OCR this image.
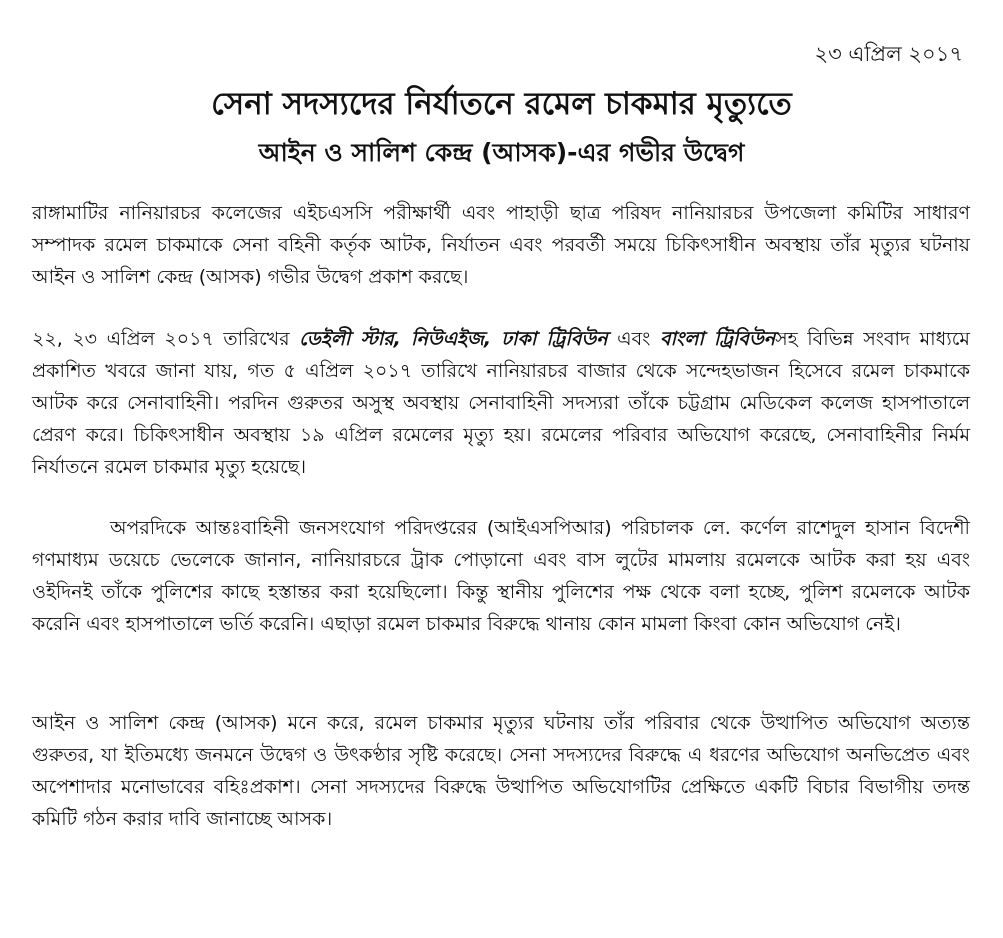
২৩ এপ্রিল ২০১৭
সেনা সদস্যদের নির্যাতনে রমেল চাকমার মৃত্যুতে
আইন ও সালিশ কেন্দ্র (আসক)-এর গভীর উদ্বেগ

রাঙ্গামাটির নানিয়ারচর কলেজের এইচএসসি পরীক্ষার্থী এবং পাহাড়ী ছাত্র পরিষদ নানিয়ারচর উপজেলা কমিটির সাধারণ সম্পাদক রমেল চাকমাকে সেনা বহিনী কর্তৃক আটক, নির্যাতন এবং পরবর্তী সময়ে চিকিৎসাধীন অবস্থায় তাঁর মৃত্যুর ঘটনায় আইন ও সালিশ কেন্দ্র (আসক) গভীর উদ্বেগ প্রকাশ করছে।

২২, ২৩ এপ্রিল ২০১৭ তারিখের ডেইলী স্টার, নিউএইজ, ঢাকা ট্রিবিউন এবং বাংলা ট্রিবিউনসহ বিভিন্ন সংবাদ মাধ্যমে প্রকাশিত খবরে জানা যায়, গত ৫ এপ্রিল ২০১৭ তারিখে নানিয়ারচর বাজার থেকে সন্দেহভাজন হিসেবে রমেল চাকমাকে আটক করে সেনাবাহিনী। পরদিন গুরুতর অসুস্থ অবস্থায় সেনাবাহিনী সদস্যরা তাঁকে চট্টগ্রাম মেডিকেল কলেজ হাসপাতালে প্রেরণ করে। চিকিৎসাধীন অবস্থায় ১৯ এপ্রিল রমেলের মৃত্যু হয়। রমেলের পরিবার অভিযোগ করেছে, সেনাবাহিনীর নির্মম নির্যাতনে রমেল চাকমার মৃত্যু হয়েছে।

অপরদিকে আন্তঃবাহিনী জনসংযোগ পরিদপ্তরের (আইএসপিআর) পরিচালক লে. কর্ণেল রাশেদুল হাসান বিদেশী গণমাধ্যম ডয়েচে ভেলেকে জানান, নানিয়ারচরে ট্রাক পোড়ানো এবং বাস লুটের মামলায় রমেলকে আটক করা হয় এবং ওইদিনই তাঁকে পুলিশের কাছে হস্তান্তর করা হয়েছিলো। কিন্তু স্থানীয় পুলিশের পক্ষ থেকে বলা হচ্ছে, পুলিশ রমেলকে আটক করেনি এবং হাসপাতালে ভর্তি করেনি। এছাড়া রমেল চাকমার বিরুদ্ধে থানায় কোন মামলা কিংবা কোন অভিযোগ নেই।

আইন ও সালিশ কেন্দ্র (আসক) মনে করে, রমেল চাকমার মৃত্যুর ঘটনায় তাঁর পরিবার থেকে উত্থাপিত অভিযোগ অত্যন্ত গুরুতর, যা ইতিমধ্যে জনমনে উদ্বেগ ও উৎকণ্ঠার সৃষ্টি করেছে। সেনা সদস্যদের বিরুদ্ধে এ ধরণের অভিযোগ অনভিপ্রেত এবং অপেশাদার মনোভাবের বহিঃপ্রকাশ। সেনা সদস্যদের বিরুদ্ধে উত্থাপিত অভিযোগটির প্রেক্ষিতে একটি বিচার বিভাগীয় তদন্ত কমিটি গঠন করার দাবি জানাচ্ছে আসক।
